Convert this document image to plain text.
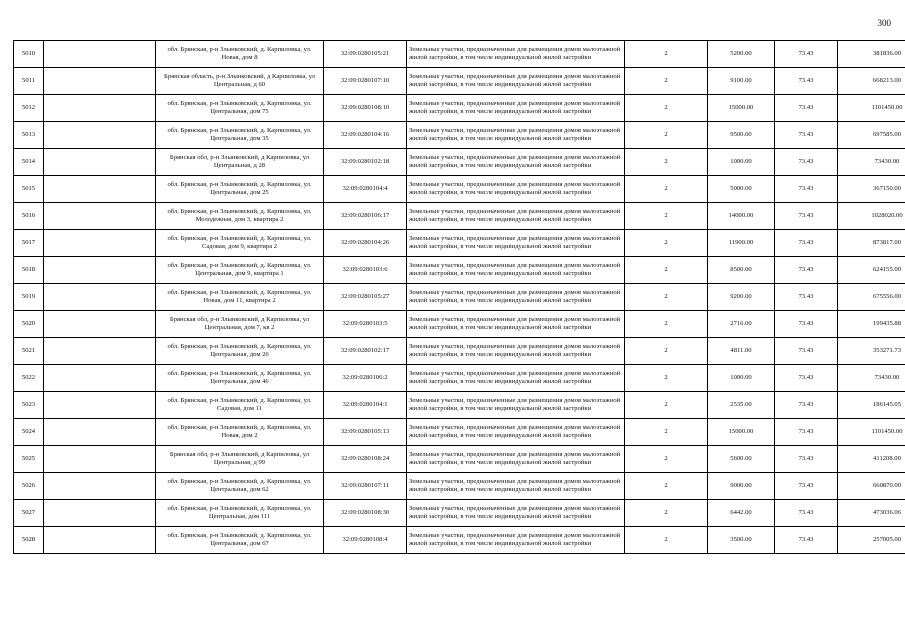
300
5010		обл. Брянская, р-н Злынковский, д. Карпиловка, ул. Новая, дом 8	32:09:0280105:21	Земельные участки, предназначенные для размещения домов малоэтажной жилой застройки, в том числе индивидуальной жилой застройки	2	5200.00	73.43	381836.00
5011		Брянская область, р-н Злынковский, д Карпиловка, ул Центральная, д 60	32:09:0280107:10	Земельные участки, предназначенные для размещения домов малоэтажной жилой застройки, в том числе индивидуальной жилой застройки	2	9100.00	73.43	668213.00
5012		обл. Брянская, р-н Злынковский, д. Карпиловка, ул. Центральная, дом 75	32:09:0280108:10	Земельные участки, предназначенные для размещения домов малоэтажной жилой застройки, в том числе индивидуальной жилой застройки	2	15000.00	73.43	1101450.00
5013		обл. Брянская, р-н Злынковский, д. Карпиловка, ул. Центральная, дом 35	32:09:0280104:16	Земельные участки, предназначенные для размещения домов малоэтажной жилой застройки, в том числе индивидуальной жилой застройки	2	9500.00	73.43	697585.00
5014		Брянская обл, р-н Злынковский, д Карпиловка, ул Центральная, д 28	32:09:0280102:18	Земельные участки, предназначенные для размещения домов малоэтажной жилой застройки, в том числе индивидуальной жилой застройки	2	1000.00	73.43	73430.00
5015		обл. Брянская, р-н Злынковский, д. Карпиловка, ул. Центральная, дом 25	32:09:0280104:4	Земельные участки, предназначенные для размещения домов малоэтажной жилой застройки, в том числе индивидуальной жилой застройки	2	5000.00	73.43	367150.00
5016		обл. Брянская, р-н Злынковский, д. Карпиловка, ул. Молодежная, дом 3, квартира 2	32:09:0280106:17	Земельные участки, предназначенные для размещения домов малоэтажной жилой застройки, в том числе индивидуальной жилой застройки	2	14000.00	73.43	1028020.00
5017		обл. Брянская, р-н Злынковский, д. Карпиловка, ул. Садовая, дом 9, квартира 2	32:09:0280104:26	Земельные участки, предназначенные для размещения домов малоэтажной жилой застройки, в том числе индивидуальной жилой застройки	2	11900.00	73.43	873817.00
5018		обл. Брянская, р-н Злынковский, д. Карпиловка, ул. Центральная, дом 9, квартира 1	32:09:0280103:6	Земельные участки, предназначенные для размещения домов малоэтажной жилой застройки, в том числе индивидуальной жилой застройки	2	8500.00	73.43	624155.00
5019		обл. Брянская, р-н Злынковский, д. Карпиловка, ул. Новая, дом 11, квартира 2	32:09:0280105:27	Земельные участки, предназначенные для размещения домов малоэтажной жилой застройки, в том числе индивидуальной жилой застройки	2	9200.00	73.43	675556.00
5020		Брянская обл, р-н Злынковский, д Карпиловка, ул Центральная, дом 7, кв 2	32:09:0280103:5	Земельные участки, предназначенные для размещения домов малоэтажной жилой застройки, в том числе индивидуальной жилой застройки	2	2716.00	73.43	199435.88
5021		обл. Брянская, р-н Злынковский, д. Карпиловка, ул. Центральная, дом 26	32:09:0280102:17	Земельные участки, предназначенные для размещения домов малоэтажной жилой застройки, в том числе индивидуальной жилой застройки	2	4811.00	73.43	353271.73
5022		обл. Брянская, р-н Злынковский, д. Карпиловка, ул. Центральная, дом 46	32:09:0280106:2	Земельные участки, предназначенные для размещения домов малоэтажной жилой застройки, в том числе индивидуальной жилой застройки	2	1000.00	73.43	73430.00
5023		обл. Брянская, р-н Злынковский, д. Карпиловка, ул. Садовая, дом 11	32:09:0280104:1	Земельные участки, предназначенные для размещения домов малоэтажной жилой застройки, в том числе индивидуальной жилой застройки	2	2535.00	73.43	186145.05
5024		обл. Брянская, р-н Злынковский, д. Карпиловка, ул. Новая, дом 2	32:09:0280105:13	Земельные участки, предназначенные для размещения домов малоэтажной жилой застройки, в том числе индивидуальной жилой застройки	2	15000.00	73.43	1101450.00
5025		Брянская обл, р-н Злынковский, д Карпиловка, ул Центральная, д 99	32:09:0280108:24	Земельные участки, предназначенные для размещения домов малоэтажной жилой застройки, в том числе индивидуальной жилой застройки	2	5600.00	73.43	411208.00
5026		обл. Брянская, р-н Злынковский, д. Карпиловка, ул. Центральная, дом 62	32:09:0280107:11	Земельные участки, предназначенные для размещения домов малоэтажной жилой застройки, в том числе индивидуальной жилой застройки	2	9000.00	73.43	660870.00
5027		обл. Брянская, р-н Злынковский, д. Карпиловка, ул. Центральная, дом 111	32:09:0280108:30	Земельные участки, предназначенные для размещения домов малоэтажной жилой застройки, в том числе индивидуальной жилой застройки	2	6442.00	73.43	473036.06
5028		обл. Брянская, р-н Злынковский, д. Карпиловка, ул. Центральная, дом 67	32:09:0280108:4	Земельные участки, предназначенные для размещения домов малоэтажной жилой застройки, в том числе индивидуальной жилой застройки	2	3500.00	73.43	257005.00
